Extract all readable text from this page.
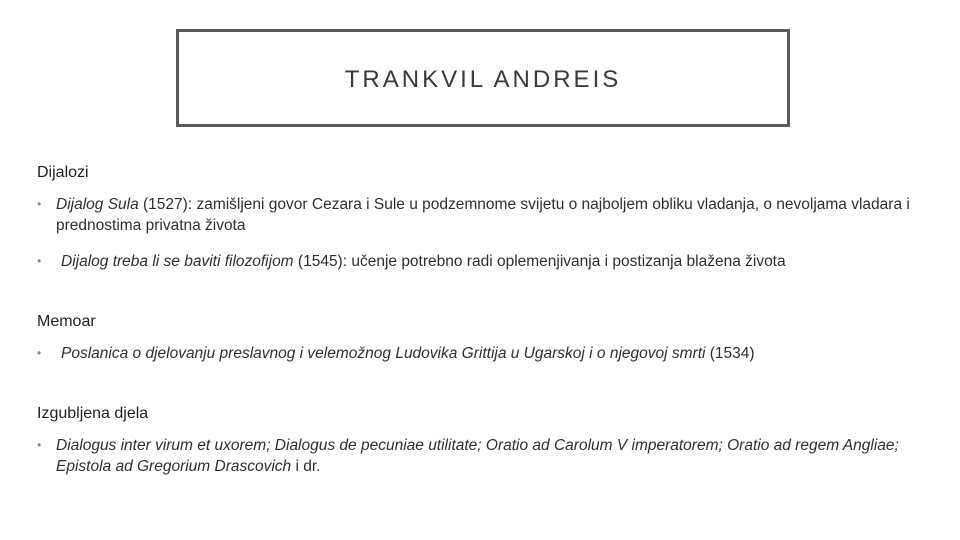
TRANKVIL ANDREIS

Dijalozi

• Dijalog Sula (1527): zamišljeni govor Cezara i Sule u podzemnome svijetu o najboljem obliku vladanja, o nevoljama vladara i prednostima privatna života
• Dijalog treba li se baviti filozofijom (1545): učenje potrebno radi oplemenjivanja i postizanja blažena života

Memoar

• Poslanica o djelovanju preslavnog i velemožnog Ludovika Grittija u Ugarskoj i o njegovoj smrti (1534)

Izgubljena djela

• Dialogus inter virum et uxorem; Dialogus de pecuniae utilitate; Oratio ad Carolum V imperatorem; Oratio ad regem Angliae; Epistola ad Gregorium Drascovich i dr.
